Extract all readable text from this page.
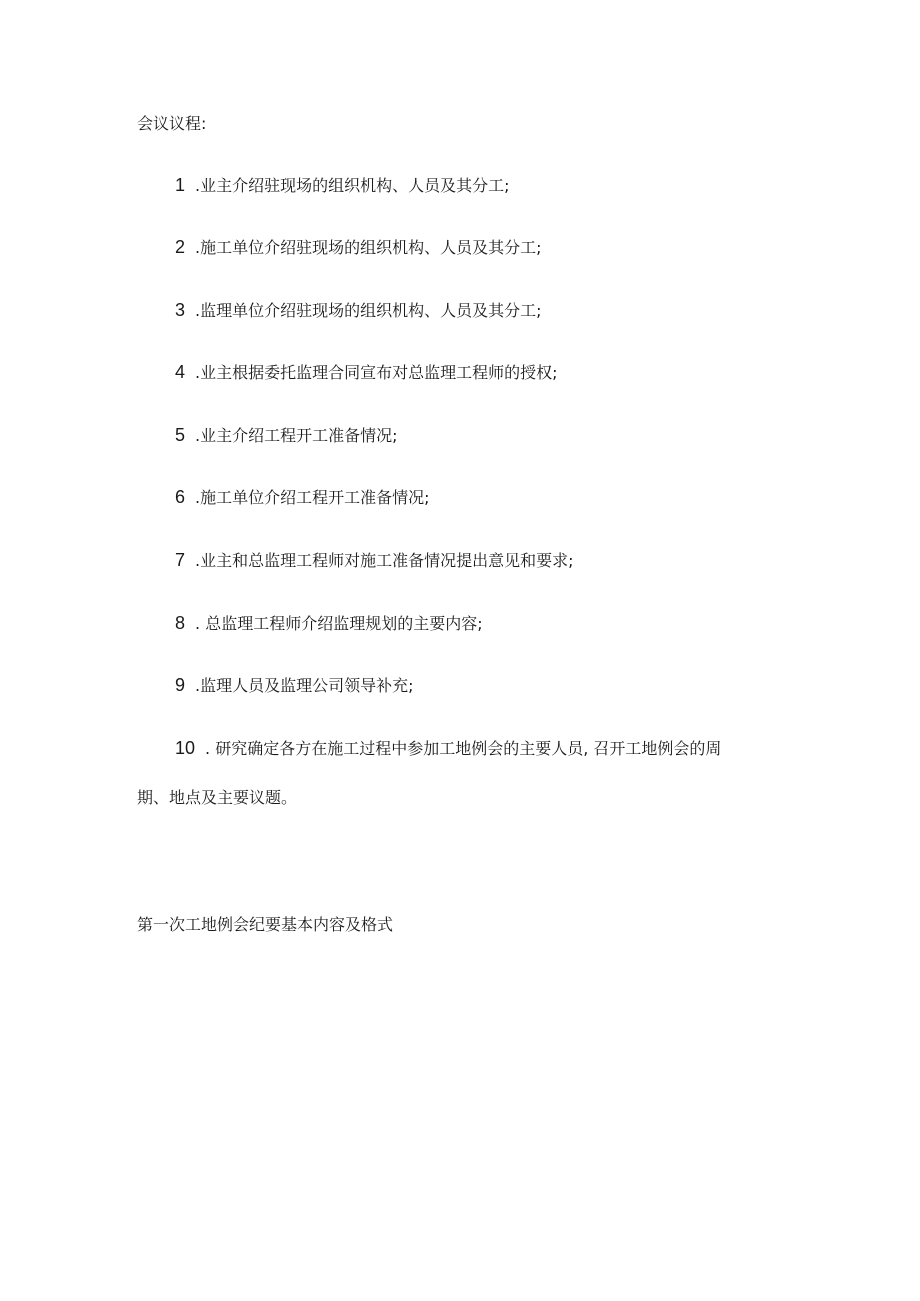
会议议程:
1 .业主介绍驻现场的组织机构、人员及其分工;
2 .施工单位介绍驻现场的组织机构、人员及其分工;
3 .监理单位介绍驻现场的组织机构、人员及其分工;
4 .业主根据委托监理合同宣布对总监理工程师的授权;
5 .业主介绍工程开工准备情况;
6 .施工单位介绍工程开工准备情况;
7 .业主和总监理工程师对施工准备情况提出意见和要求;
8 . 总监理工程师介绍监理规划的主要内容;
9 .监理人员及监理公司领导补充;
10 . 研究确定各方在施工过程中参加工地例会的主要人员, 召开工地例会的周
期、地点及主要议题。
第一次工地例会纪要基本内容及格式
